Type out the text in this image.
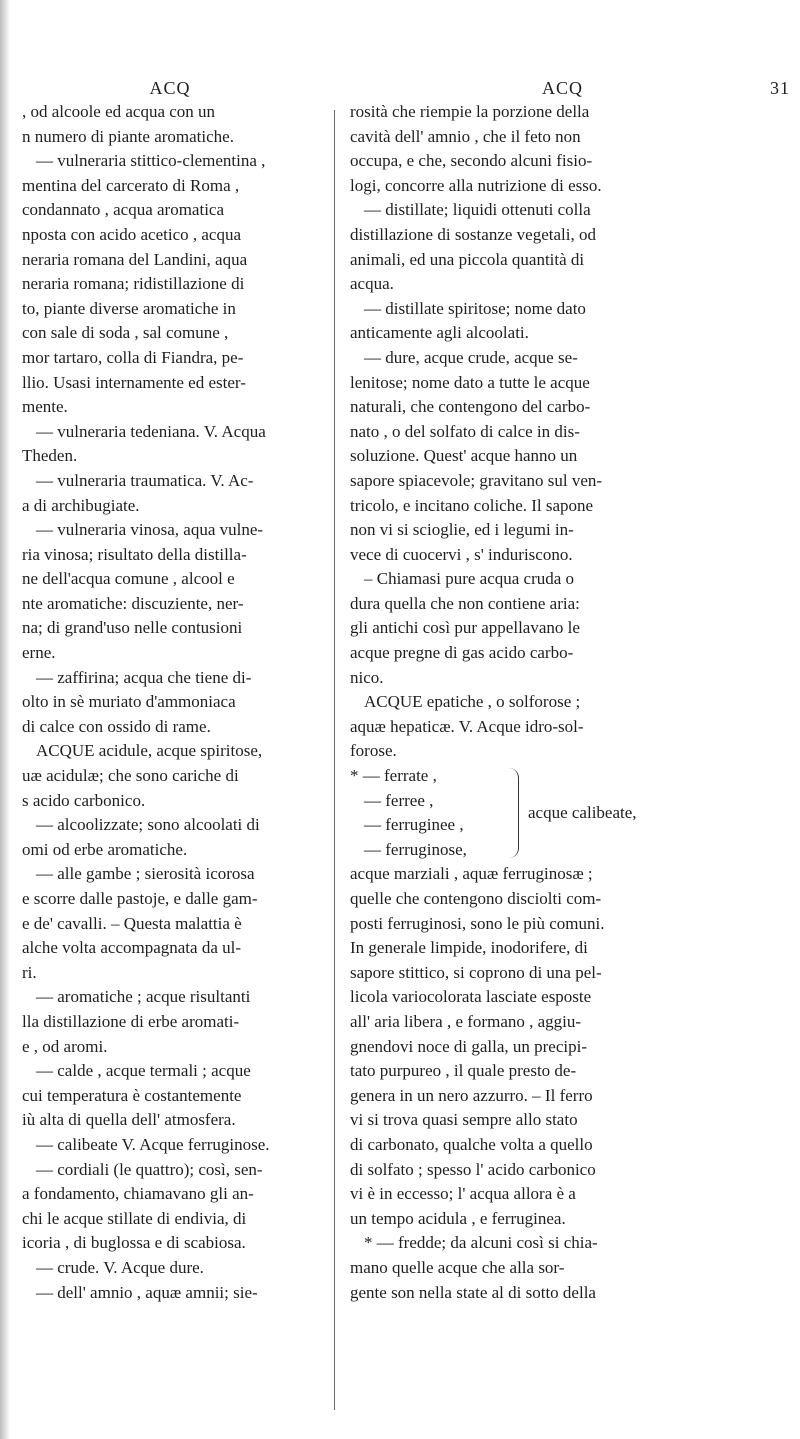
ACQ	ACQ	31
, od alcoole ed acqua con un
n numero di piante aromatiche.
— vulneraria stittico-clementina ,
mentina del carcerato di Roma ,
condannato , acqua aromatica
nposta con acido acetico , acqua
neraria romana del Landini, aqua
neraria romana; ridistillazione di
to, piante diverse aromatiche in
con sale di soda , sal comune ,
mor tartaro, colla di Fiandra, pe-
llio. Usasi internamente ed ester-
mente.
— vulneraria tedeniana. V. Acqua
Theden.
— vulneraria traumatica. V. Ac-
a di archibugiate.
— vulneraria vinosa, aqua vulne-
ria vinosa; risultato della distilla-
ne dell'acqua comune , alcool e
nte aromatiche: discuziente, ner-
na; di grand'uso nelle contusioni
erne.
— zaffirina; acqua che tiene di-
olto in sè muriato d'ammoniaca
di calce con ossido di rame.
ACQUE acidule, acque spiritose,
uæ acidulæ; che sono cariche di
s acido carbonico.
— alcoolizzate; sono alcoolati di
omi od erbe aromatiche.
— alle gambe ; sierosità icorosa
e scorre dalle pastoje, e dalle gam-
e de' cavalli. – Questa malattia è
alche volta accompagnata da ul-
ri.
— aromatiche ; acque risultanti
lla distillazione di erbe aromati-
e , od aromi.
— calde , acque termali ; acque
cui temperatura è costantemente
iù alta di quella dell' atmosfera.
— calibeate V. Acque ferruginose.
— cordiali (le quattro); così, sen-
a fondamento, chiamavano gli an-
chi le acque stillate di endivia, di
icoria , di buglossa e di scabiosa.
— crude. V. Acque dure.
— dell' amnio , aquæ amnii; sie-
rosità che riempie la porzione della
cavità dell' amnio , che il feto non
occupa, e che, secondo alcuni fisio-
logi, concorre alla nutrizione di esso.
— distillate; liquidi ottenuti colla
distillazione di sostanze vegetali, od
animali, ed una piccola quantità di
acqua.
— distillate spiritose; nome dato
anticamente agli alcoolati.
— dure, acque crude, acque se-
lenitose; nome dato a tutte le acque
naturali, che contengono del carbo-
nato , o del solfato di calce in dis-
soluzione. Quest' acque hanno un
sapore spiacevole; gravitano sul ven-
tricolo, e incitano coliche. Il sapone
non vi si scioglie, ed i legumi in-
vece di cuocervi , s' induriscono.
– Chiamasi pure acqua cruda o
dura quella che non contiene aria:
gli antichi così pur appellavano le
acque pregne di gas acido carbo-
nico.
ACQUE epatiche , o solforose ;
aquæ hepaticæ. V. Acque idro-sol-
forose.
* — ferrate ,
— ferree ,
— ferruginee ,
— ferruginose,
acque calibeate,
acque marziali , aquæ ferruginosæ ;
quelle che contengono disciolti com-
posti ferruginosi, sono le più comuni.
In generale limpide, inodorifere, di
sapore stittico, si coprono di una pel-
licola variocolorata lasciate esposte
all' aria libera , e formano , aggiu-
gnendovi noce di galla, un precipi-
tato purpureo , il quale presto de-
genera in un nero azzurro. – Il ferro
vi si trova quasi sempre allo stato
di carbonato, qualche volta a quello
di solfato ; spesso l' acido carbonico
vi è in eccesso; l' acqua allora è a
un tempo acidula , e ferruginea.
* — fredde; da alcuni così si chia-
mano quelle acque che alla sor-
gente son nella state al di sotto della
